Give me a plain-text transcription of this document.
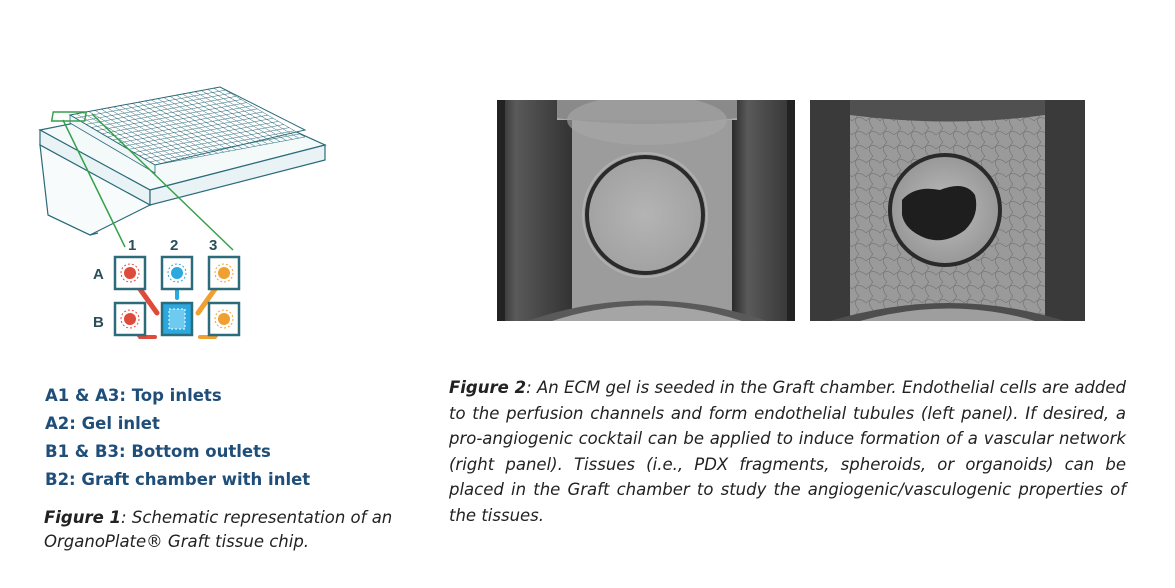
1 2 3
A
B
A1 & A3: Top inlets
A2: Gel inlet
B1 & B3: Bottom outlets
B2: Graft chamber with inlet
Figure 1: Schematic representation of an OrganoPlate® Graft tissue chip.
Figure 2: An ECM gel is seeded in the Graft chamber. Endothelial cells are added to the perfusion channels and form endothelial tubules (left panel). If desired, a pro-angiogenic cocktail can be applied to induce formation of a vascular network (right panel). Tissues (i.e., PDX fragments, spheroids, or organoids) can be placed in the Graft chamber to study the angiogenic/vasculogenic properties of the tissues.
